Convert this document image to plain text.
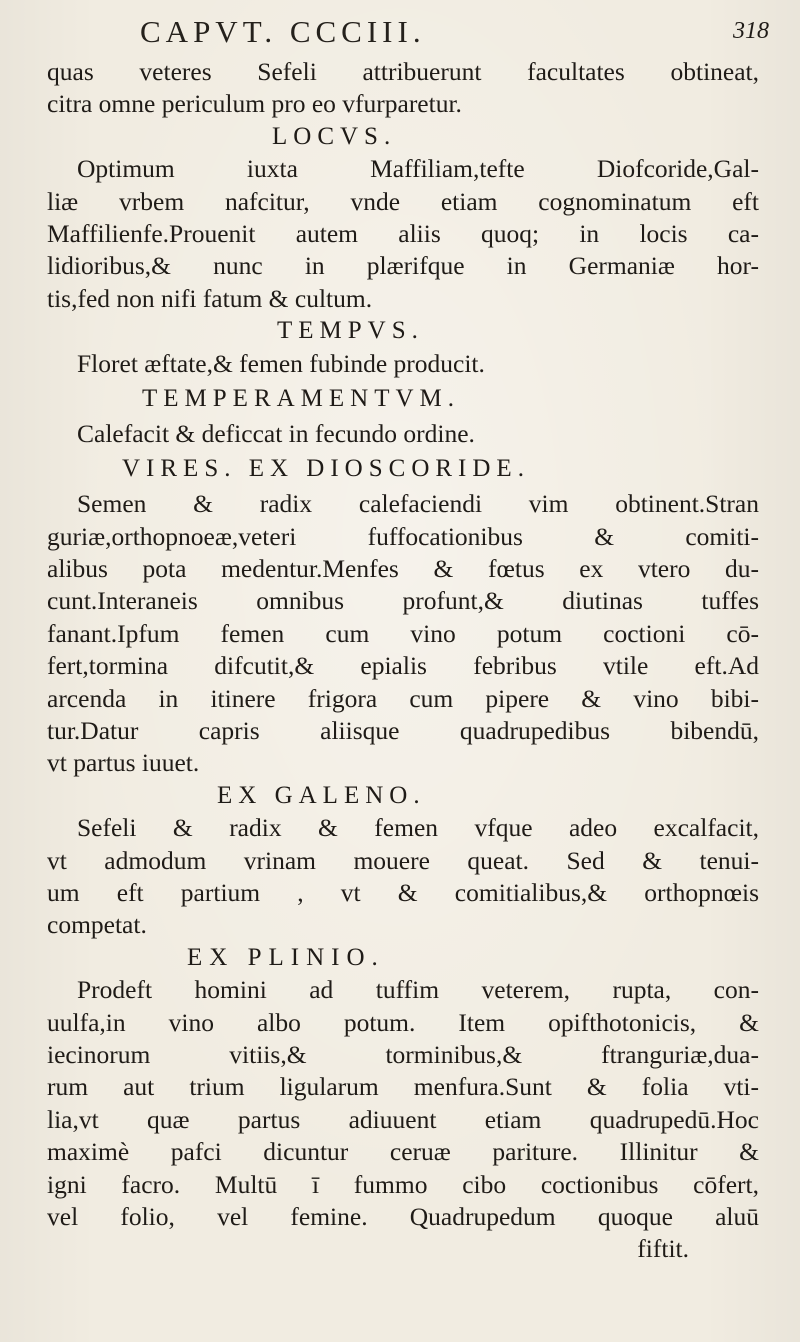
CAPVT. CCCIII.	318
quas veteres Sefeli attribuerunt facultates obtineat,
citra omne periculum pro eo vfurparetur.
LOCVS.
Optimum iuxta Maffiliam,tefte Diofcoride,Gal-
liæ vrbem nafcitur, vnde etiam cognominatum eft
Maffilienfe.Prouenit autem aliis quoq; in locis ca-
lidioribus,& nunc in plærifque in Germaniæ hor-
tis,fed non nifi fatum & cultum.
TEMPVS.
Floret æftate,& femen fubinde producit.
TEMPERAMENTVM.
Calefacit & deficcat in fecundo ordine.
VIRES. EX DIOSCORIDE.
Semen & radix calefaciendi vim obtinent.Stran
guriæ,orthopnoeæ,veteri fuffocationibus & comiti-
alibus pota medentur.Menfes & fœtus ex vtero du-
cunt.Interaneis omnibus profunt,& diutinas tuffes
fanant.Ipfum femen cum vino potum coctioni cō-
fert,tormina difcutit,& epialis febribus vtile eft.Ad
arcenda in itinere frigora cum pipere & vino bibi-
tur.Datur capris aliisque quadrupedibus bibendū,
vt partus iuuet.
EX GALENO.
Sefeli & radix & femen vfque adeo excalfacit,
vt admodum vrinam mouere queat. Sed & tenui-
um eft partium , vt & comitialibus,& orthopnœis
competat.
EX PLINIO.
Prodeft homini ad tuffim veterem, rupta, con-
uulfa,in vino albo potum. Item opifthotonicis, &
iecinorum vitiis,& torminibus,& ftranguriæ,dua-
rum aut trium ligularum menfura.Sunt & folia vti-
lia,vt quæ partus adiuuent etiam quadrupedū.Hoc
maximè pafci dicuntur ceruæ pariture. Illinitur &
igni facro. Multū ī fummo cibo coctionibus cōfert,
vel folio, vel femine. Quadrupedum quoque aluū
fiftit.
